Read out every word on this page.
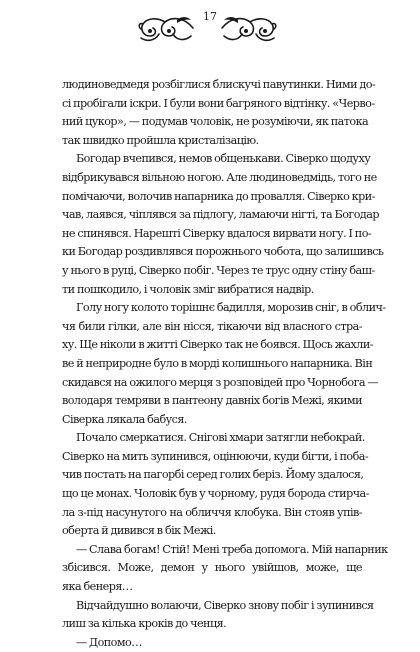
17
людиноведмедя розбіглися блискучі павутинки. Ними до-
сі пробігали іскри. І були вони багряного відтінку. «Черво-
ний цукор», — подумав чоловік, не розуміючи, як патока
так швидко пройшла кристалізацію.
Богодар вчепився, немов общенькави. Сіверко щодуху
відбрикувався вільною ногою. Але людиноведмідь, того не
помічаючи, волочив напарника до провалля. Сіверко кри-
чав, лаявся, чіплявся за підлогу, ламаючи нігті, та Богодар
не спинявся. Нарешті Сіверку вдалося вирвати ногу. І по-
ки Богодар роздивлявся порожнього чобота, що залишивсь
у нього в руці, Сіверко побіг. Через те трус одну стіну баш-
ти пошкодило, і чоловік зміг вибратися надвір.
Голу ногу колото торішнє бадилля, морозив сніг, в облич-
чя били гілки, але він нісся, тікаючи від власного стра-
ху. Ще ніколи в житті Сіверко так не боявся. Щось жахли-
ве й неприродне було в морді колишнього напарника. Він
скидався на ожилого мерця з розповідей про Чорнобога —
володаря темряви в пантеону давніх богів Межі, якими
Сіверка лякала бабуся.
Почало смеркатися. Снігові хмари затягли небокрай.
Сіверко на мить зупинився, оцінюючи, куди бігти, і поба-
чив постать на пагорбі серед голих беріз. Йому здалося,
що це монах. Чоловік був у чорному, рудя борода стирча-
ла з-під насунутого на обличчя клобука. Він стояв упів-
оберта й дивився в бік Межі.
— Слава богам! Стій! Мені треба допомога. Мій напарник
збісився. Може, демон у нього увійшов, може, ще
яка бенеря…
Відчайдушно волаючи, Сіверко знову побіг і зупинився
лиш за кілька кроків до ченця.
— Допомо…
